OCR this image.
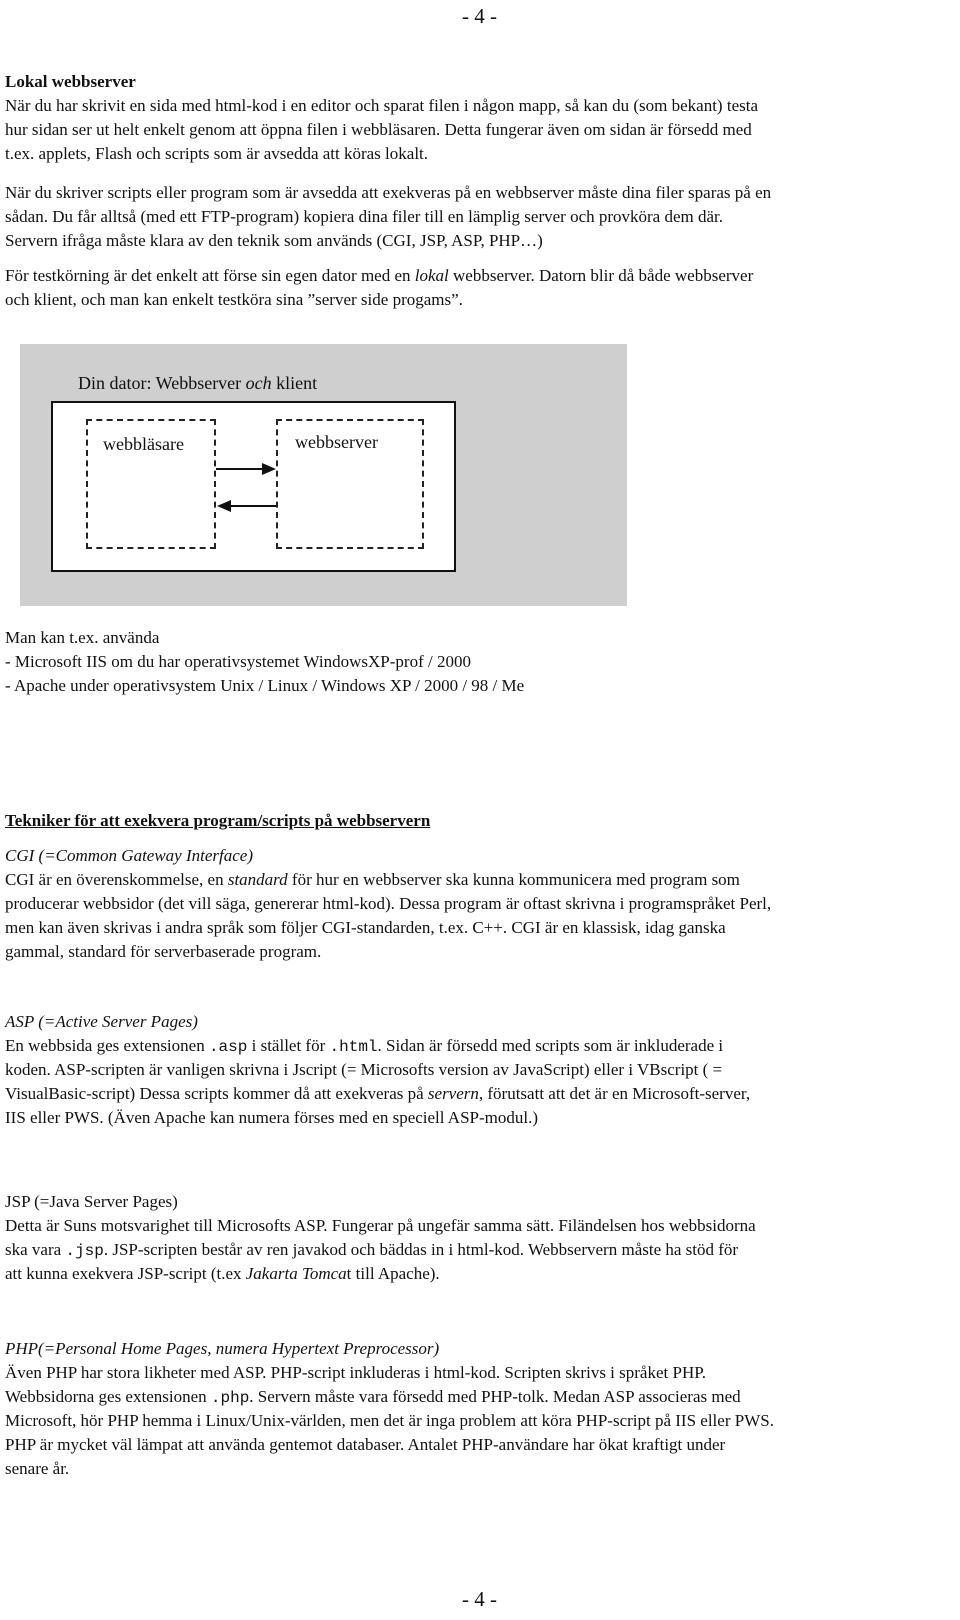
- 4 -
Lokal webbserver
När du har skrivit en sida med html-kod i en editor och sparat filen i någon mapp, så kan du (som bekant) testa
hur sidan ser ut helt enkelt genom att öppna filen i webbläsaren. Detta fungerar även om sidan är försedd med
t.ex. applets, Flash och scripts som är avsedda att köras lokalt.
När du skriver scripts eller program som är avsedda att exekveras på en webbserver måste dina filer sparas på en
sådan. Du får alltså (med ett FTP-program) kopiera dina filer till en lämplig server och provköra dem där.
Servern ifråga måste klara av den teknik som används (CGI, JSP, ASP, PHP…)
För testkörning är det enkelt att förse sin egen dator med en lokal webbserver. Datorn blir då både webbserver
och klient, och man kan enkelt testköra sina ”server side progams”.
Din dator: Webbserver och klient
webbläsare	webbserver
Man kan t.ex. använda
- Microsoft IIS om du har operativsystemet WindowsXP-prof / 2000
- Apache under operativsystem Unix / Linux / Windows XP / 2000 / 98 / Me
Tekniker för att exekvera program/scripts på webbservern
CGI (=Common Gateway Interface)
CGI är en överenskommelse, en standard för hur en webbserver ska kunna kommunicera med program som
producerar webbsidor (det vill säga, genererar html-kod). Dessa program är oftast skrivna i programspråket Perl,
men kan även skrivas i andra språk som följer CGI-standarden, t.ex. C++. CGI är en klassisk, idag ganska
gammal, standard för serverbaserade program.
ASP (=Active Server Pages)
En webbsida ges extensionen .asp i stället för .html. Sidan är försedd med scripts som är inkluderade i
koden. ASP-scripten är vanligen skrivna i Jscript (= Microsofts version av JavaScript) eller i VBscript ( =
VisualBasic-script) Dessa scripts kommer då att exekveras på servern, förutsatt att det är en Microsoft-server,
IIS eller PWS. (Även Apache kan numera förses med en speciell ASP-modul.)
JSP (=Java Server Pages)
Detta är Suns motsvarighet till Microsofts ASP. Fungerar på ungefär samma sätt. Filändelsen hos webbsidorna
ska vara .jsp. JSP-scripten består av ren javakod och bäddas in i html-kod. Webbservern måste ha stöd för
att kunna exekvera JSP-script (t.ex Jakarta Tomcat till Apache).
PHP(=Personal Home Pages, numera Hypertext Preprocessor)
Även PHP har stora likheter med ASP. PHP-script inkluderas i html-kod. Scripten skrivs i språket PHP.
Webbsidorna ges extensionen .php. Servern måste vara försedd med PHP-tolk. Medan ASP associeras med
Microsoft, hör PHP hemma i Linux/Unix-världen, men det är inga problem att köra PHP-script på IIS eller PWS.
PHP är mycket väl lämpat att använda gentemot databaser. Antalet PHP-användare har ökat kraftigt under
senare år.
- 4 -
